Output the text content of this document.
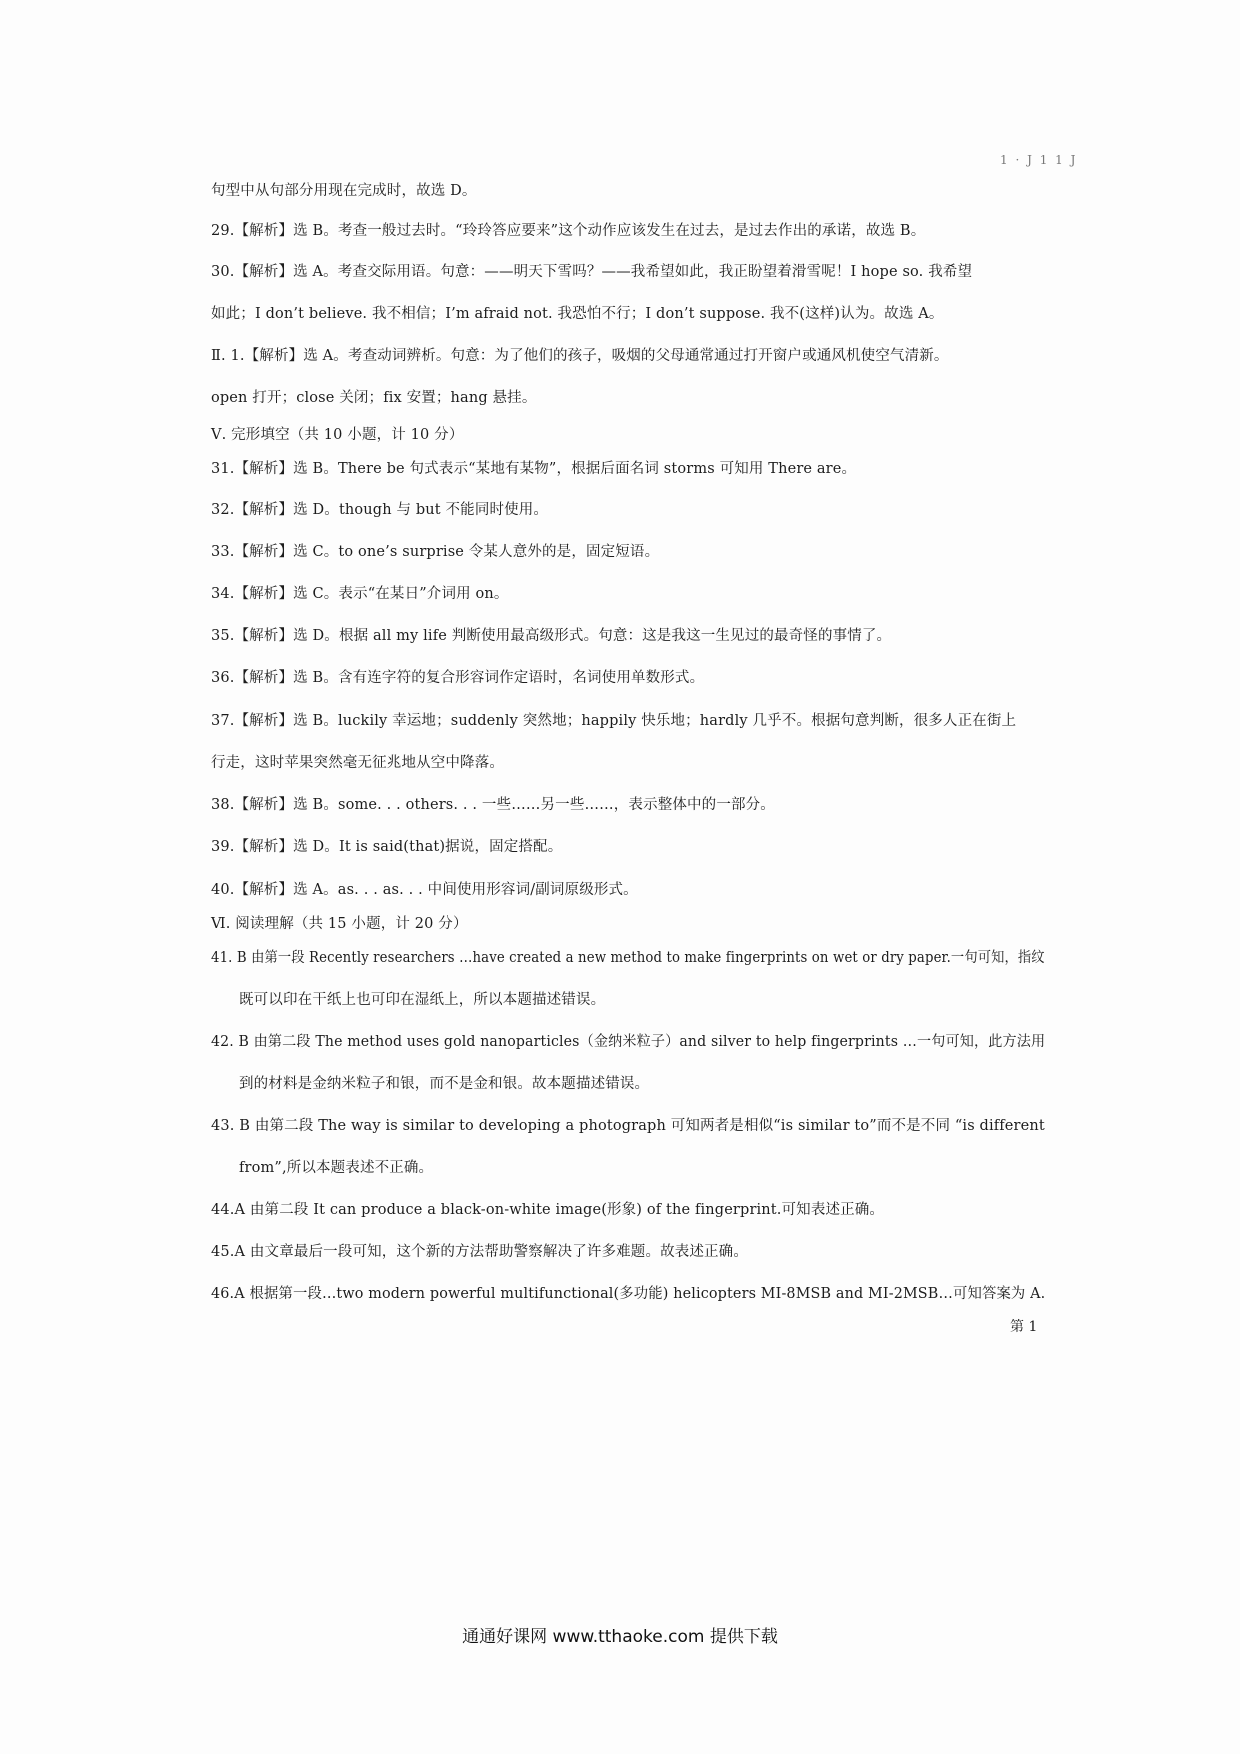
1 · J 1 1 J
句型中从句部分用现在完成时，故选 D。
29.【解析】选 B。考查一般过去时。“玲玲答应要来”这个动作应该发生在过去，是过去作出的承诺，故选 B。
30.【解析】选 A。考查交际用语。句意：——明天下雪吗？——我希望如此，我正盼望着滑雪呢！I hope so. 我希望
如此；I don’t believe. 我不相信；I’m afraid not. 我恐怕不行；I don’t suppose. 我不(这样)认为。故选 A。
Ⅱ. 1.【解析】选 A。考查动词辨析。句意：为了他们的孩子，吸烟的父母通常通过打开窗户或通风机使空气清新。
open 打开；close 关闭；fix 安置；hang 悬挂。
Ⅴ. 完形填空（共 10 小题，计 10 分）
31.【解析】选 B。There be 句式表示“某地有某物”，根据后面名词 storms 可知用 There are。
32.【解析】选 D。though 与 but 不能同时使用。
33.【解析】选 C。to one’s surprise 令某人意外的是，固定短语。
34.【解析】选 C。表示“在某日”介词用 on。
35.【解析】选 D。根据 all my life 判断使用最高级形式。句意：这是我这一生见过的最奇怪的事情了。
36.【解析】选 B。含有连字符的复合形容词作定语时，名词使用单数形式。
37.【解析】选 B。luckily 幸运地；suddenly 突然地；happily 快乐地；hardly 几乎不。根据句意判断，很多人正在街上
行走，这时苹果突然毫无征兆地从空中降落。
38.【解析】选 B。some. . . others. . . 一些……另一些……，表示整体中的一部分。
39.【解析】选 D。It is said(that)据说，固定搭配。
40.【解析】选 A。as. . . as. . . 中间使用形容词/副词原级形式。
Ⅵ. 阅读理解（共 15 小题，计 20 分）
41. B 由第一段 Recently researchers …have created a new method to make fingerprints on wet or dry paper.一句可知，指纹
既可以印在干纸上也可印在湿纸上，所以本题描述错误。
42. B 由第二段 The method uses gold nanoparticles（金纳米粒子）and silver to help fingerprints …一句可知，此方法用
到的材料是金纳米粒子和银，而不是金和银。故本题描述错误。
43. B 由第二段 The way is similar to developing a photograph 可知两者是相似“is similar to”而不是不同 “is different
from”,所以本题表述不正确。
44.A 由第二段 It can produce a black-on-white image(形象) of the fingerprint.可知表述正确。
45.A 由文章最后一段可知，这个新的方法帮助警察解决了许多难题。故表述正确。
46.A 根据第一段…two modern powerful multifunctional(多功能) helicopters MI-8MSB and MI-2MSB…可知答案为 A.
第 1
通通好课网 www.tthaoke.com 提供下载
